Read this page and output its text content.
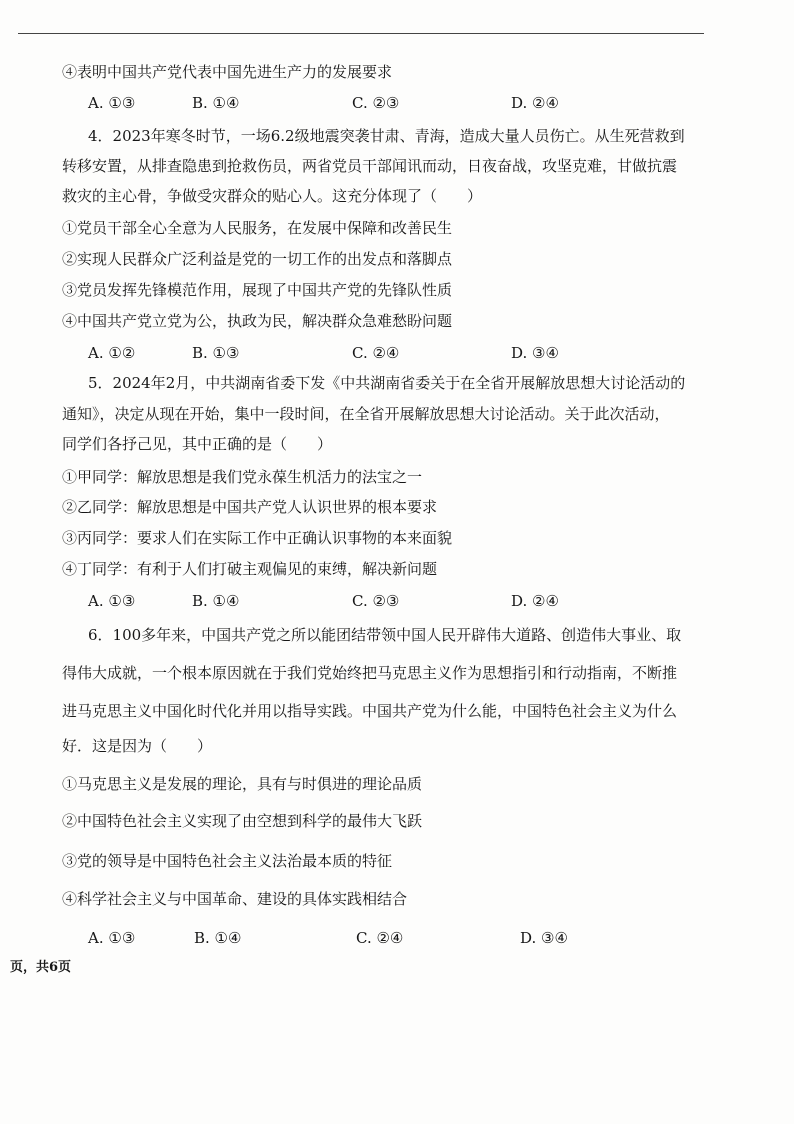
④表明中国共产党代表中国先进生产力的发展要求
A. ①③	B. ①④	C. ②③	D. ②④
4．2023年寒冬时节，一场6.2级地震突袭甘肃、青海，造成大量人员伤亡。从生死营救到
转移安置，从排查隐患到抢救伤员，两省党员干部闻讯而动，日夜奋战，攻坚克难，甘做抗震
救灾的主心骨，争做受灾群众的贴心人。这充分体现了（　　）
①党员干部全心全意为人民服务，在发展中保障和改善民生
②实现人民群众广泛利益是党的一切工作的出发点和落脚点
③党员发挥先锋模范作用，展现了中国共产党的先锋队性质
④中国共产党立党为公，执政为民，解决群众急难愁盼问题
A. ①②	B. ①③	C. ②④	D. ③④
5．2024年2月，中共湖南省委下发《中共湖南省委关于在全省开展解放思想大讨论活动的
通知》，决定从现在开始，集中一段时间，在全省开展解放思想大讨论活动。关于此次活动，
同学们各抒己见，其中正确的是（　　）
①甲同学：解放思想是我们党永葆生机活力的法宝之一
②乙同学：解放思想是中国共产党人认识世界的根本要求
③丙同学：要求人们在实际工作中正确认识事物的本来面貌
④丁同学：有利于人们打破主观偏见的束缚，解决新问题
A. ①③	B. ①④	C. ②③	D. ②④
6．100多年来，中国共产党之所以能团结带领中国人民开辟伟大道路、创造伟大事业、取
得伟大成就，一个根本原因就在于我们党始终把马克思主义作为思想指引和行动指南，不断推
进马克思主义中国化时代化并用以指导实践。中国共产党为什么能，中国特色社会主义为什么
好．这是因为（　　）
①马克思主义是发展的理论，具有与时俱进的理论品质
②中国特色社会主义实现了由空想到科学的最伟大飞跃
③党的领导是中国特色社会主义法治最本质的特征
④科学社会主义与中国革命、建设的具体实践相结合
A. ①③	B. ①④	C. ②④	D. ③④
页，共6页
